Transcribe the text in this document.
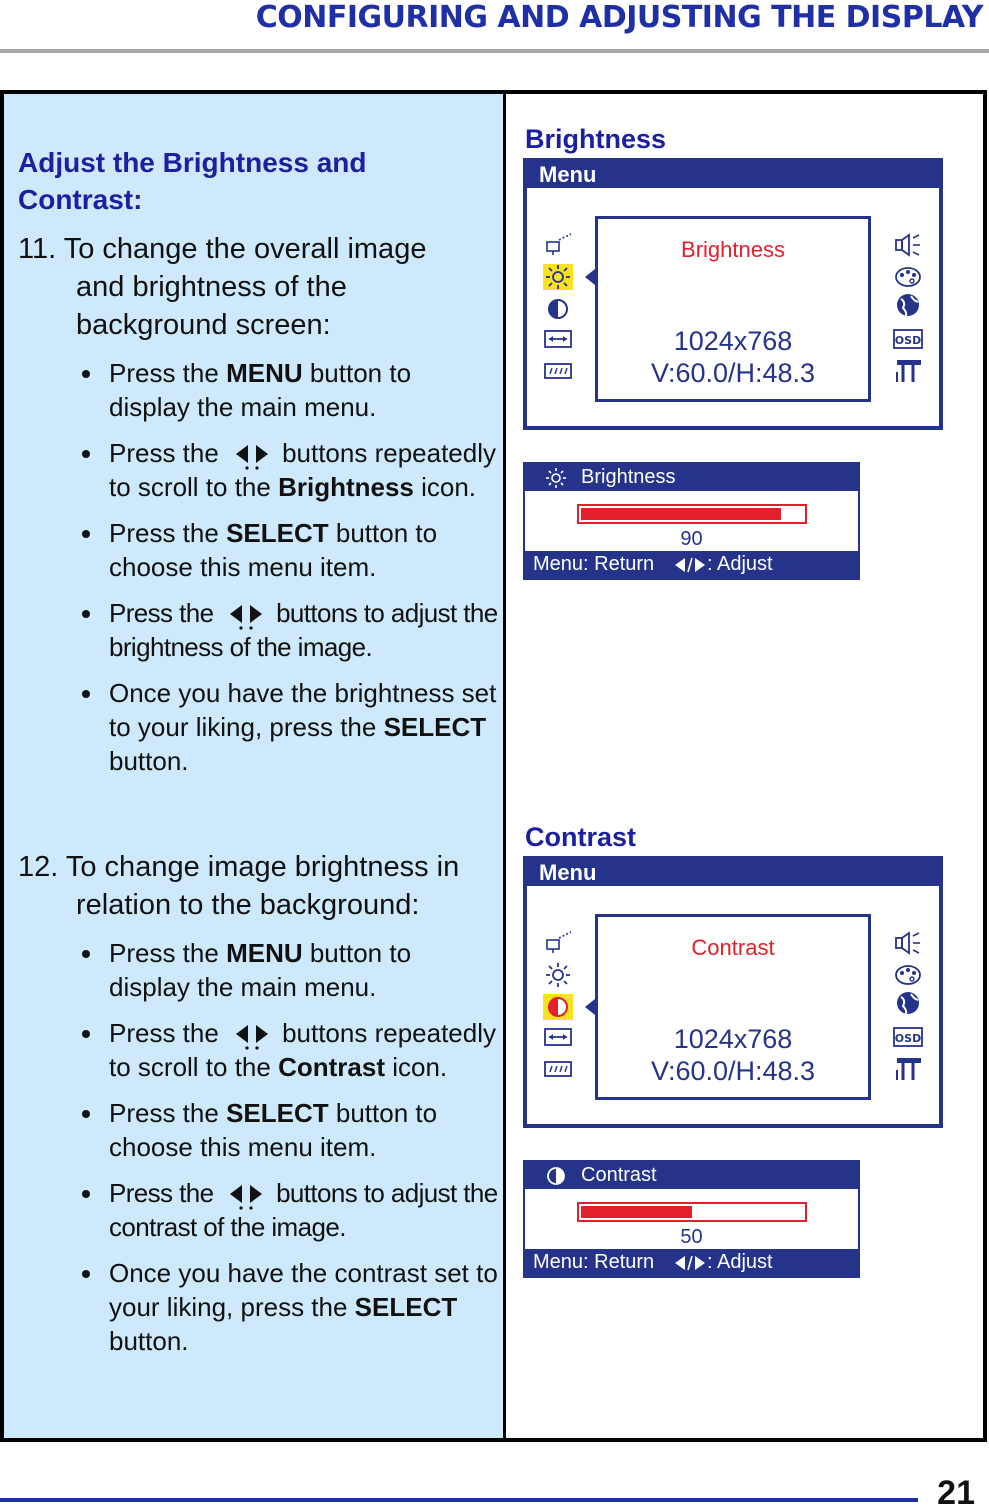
CONFIGURING AND ADJUSTING THE DISPLAY
Adjust the Brightness and Contrast:
11. To change the overall image
and brightness of the
background screen:
Press the MENU button to display the main menu.
Press the
buttons repeatedly to scroll to the Brightness icon.
Press the SELECT button to choose this menu item.
Press the
buttons to adjust the brightness of the image.
Once you have the brightness set to your liking, press the SELECT button.
12. To change image brightness in
relation to the background:
Press the MENU button to display the main menu.
Press the
buttons repeatedly to scroll to the Contrast icon.
Press the SELECT button to choose this menu item.
Press the
buttons to adjust the contrast of the image.
Once you have the contrast set to your liking, press the SELECT button.
Brightness
Menu
OSD
Brightness
1024x768
V:60.0/H:48.3
Brightness
90
Menu: Return	: Adjust
Contrast
Menu
OSD
Contrast
1024x768
V:60.0/H:48.3
Contrast
50
Menu: Return	: Adjust
21
